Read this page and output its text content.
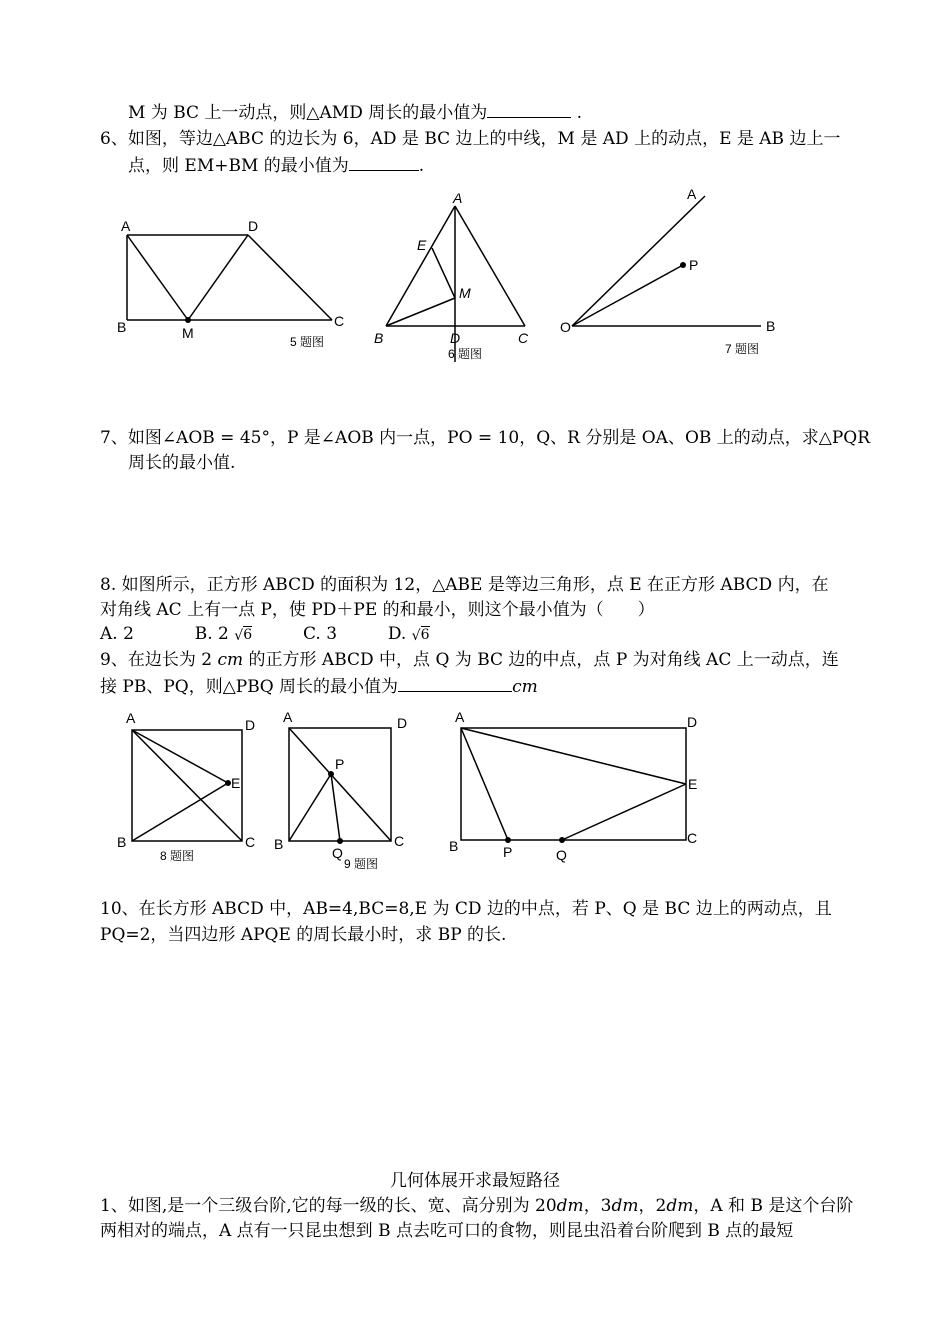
M 为 BC 上一动点，则△AMD 周长的最小值为	.
6、如图，等边△ABC 的边长为 6，AD 是 BC 边上的中线，M 是 AD 上的动点，E 是 AB 边上一
点，则 EM+BM 的最小值为	.
A	D
B	M
C
5 题图
A
E
M
B	D	C
6 题图
A
P
O	B
7 题图
7、如图∠AOB = 45°，P 是∠AOB 内一点，PO = 10，Q、R 分别是 OA、OB 上的动点，求△PQR
周长的最小值.
8. 如图所示，正方形 ABCD 的面积为 12，△ABE 是等边三角形，点 E 在正方形 ABCD 内，在
对角线 AC 上有一点 P，使 PD＋PE 的和最小，则这个最小值为（　　）
A. 2	B. 2 √ 6	C. 3	D. √ 6
9、在边长为 2 cm 的正方形 ABCD 中，点 Q 为 BC 边的中点，点 P 为对角线 AC 上一动点，连
接 PB、PQ，则△PBQ 周长的最小值为	cm
A	D
E
B	C
8 题图
A	D
P
B
Q
C
9 题图
A	D
E
B	P	Q
C
10、在长方形 ABCD 中，AB=4,BC=8,E 为 CD 边的中点，若 P、Q 是 BC 边上的两动点，且
PQ=2，当四边形 APQE 的周长最小时，求 BP 的长.
几何体展开求最短路径
1、如图,是一个三级台阶,它的每一级的长、宽、高分别为 20dm，3dm，2dm，A 和 B 是这个台阶
两相对的端点，A 点有一只昆虫想到 B 点去吃可口的食物，则昆虫沿着台阶爬到 B 点的最短
